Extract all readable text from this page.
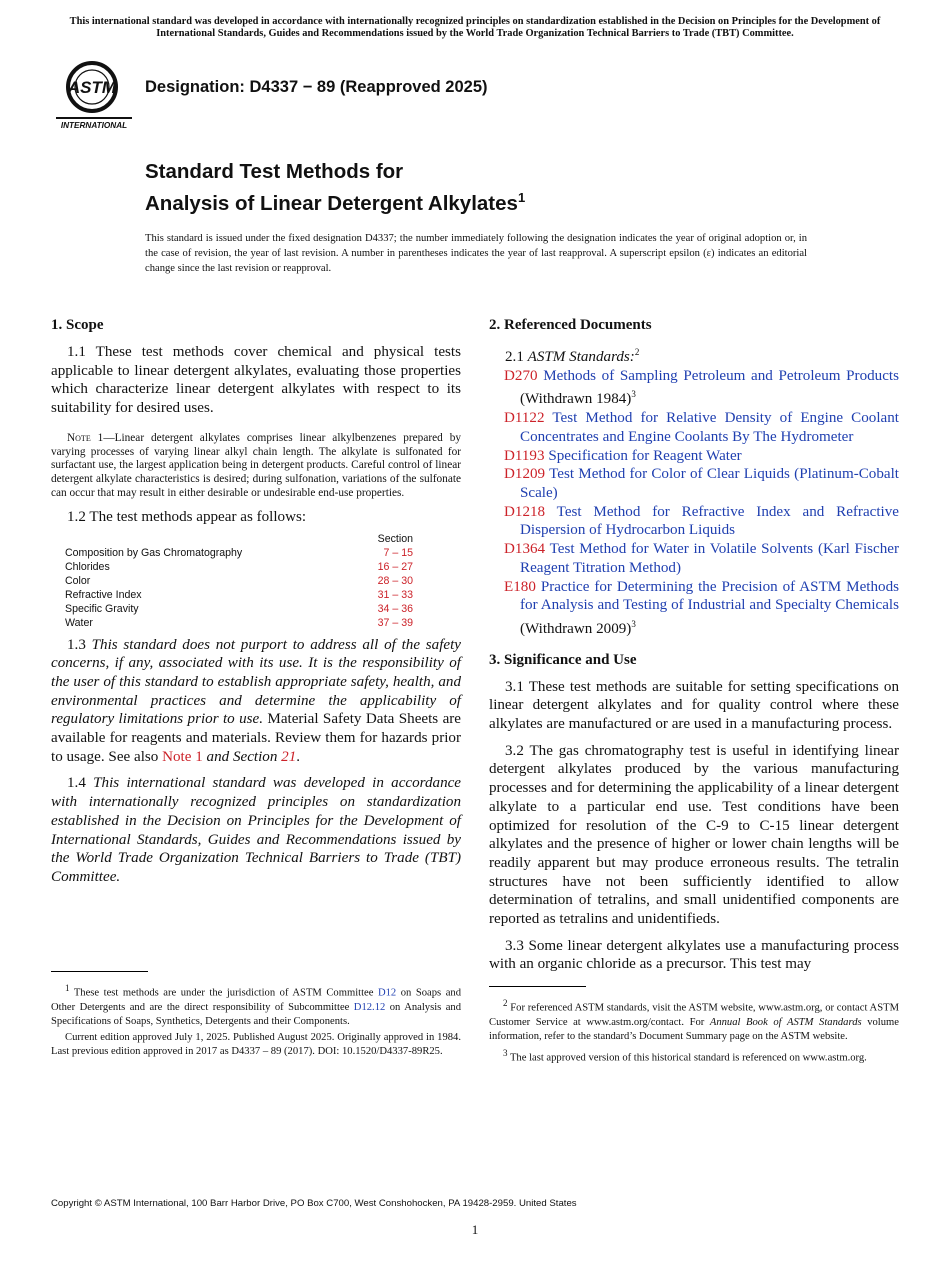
This international standard was developed in accordance with internationally recognized principles on standardization established in the Decision on Principles for the Development of International Standards, Guides and Recommendations issued by the World Trade Organization Technical Barriers to Trade (TBT) Committee.
ASTM
INTERNATIONAL
Designation: D4337 − 89 (Reapproved 2025)
Standard Test Methods for
Analysis of Linear Detergent Alkylates$^1$
This standard is issued under the fixed designation D4337; the number immediately following the designation indicates the year of original adoption or, in the case of revision, the year of last revision. A number in parentheses indicates the year of last reapproval. A superscript epsilon (ε) indicates an editorial change since the last revision or reapproval.
1. Scope

1.1 These test methods cover chemical and physical tests applicable to linear detergent alkylates, evaluating those properties which characterize linear detergent alkylates with respect to its suitability for desired uses.

Note 1—Linear detergent alkylates comprises linear alkylbenzenes prepared by varying processes of varying linear alkyl chain length. The alkylate is sulfonated for surfactant use, the largest application being in detergent products. Careful control of linear detergent alkylate characteristics is desired; during sulfonation, variations of the sulfonate can occur that may result in either desirable or undesirable end-use properties.

1.2 The test methods appear as follows:

	Section
Composition by Gas Chromatography	7 – 15
Chlorides	16 – 27
Color	28 – 30
Refractive Index	31 – 33
Specific Gravity	34 – 36
Water	37 – 39

1.3 This standard does not purport to address all of the safety concerns, if any, associated with its use. It is the responsibility of the user of this standard to establish appropriate safety, health, and environmental practices and determine the applicability of regulatory limitations prior to use. Material Safety Data Sheets are available for reagents and materials. Review them for hazards prior to usage. See also Note 1 and Section 21.

1.4 This international standard was developed in accordance with internationally recognized principles on standardization established in the Decision on Principles for the Development of International Standards, Guides and Recommendations issued by the World Trade Organization Technical Barriers to Trade (TBT) Committee.

2. Referenced Documents
2.1 ASTM Standards:$^2$
D270 Methods of Sampling Petroleum and Petroleum Products (Withdrawn 1984)$^3$
D1122 Test Method for Relative Density of Engine Coolant Concentrates and Engine Coolants By The Hydrometer
D1193 Specification for Reagent Water
D1209 Test Method for Color of Clear Liquids (Platinum-Cobalt Scale)
D1218 Test Method for Refractive Index and Refractive Dispersion of Hydrocarbon Liquids
D1364 Test Method for Water in Volatile Solvents (Karl Fischer Reagent Titration Method)
E180 Practice for Determining the Precision of ASTM Methods for Analysis and Testing of Industrial and Specialty Chemicals (Withdrawn 2009)$^3$
3. Significance and Use

3.1 These test methods are suitable for setting specifications on linear detergent alkylates and for quality control where these alkylates are manufactured or are used in a manufacturing process.

3.2 The gas chromatography test is useful in identifying linear detergent alkylates produced by the various manufacturing processes and for determining the applicability of a linear detergent alkylate to a particular end use. Test conditions have been optimized for resolution of the C-9 to C-15 linear detergent alkylates and the presence of higher or lower chain lengths will be readily apparent but may produce erroneous results. The tetralin structures have not been sufficiently identified to allow determination of tetralins, and small unidentified components are reported as tetralins and unidentifieds.

3.3 Some linear detergent alkylates use a manufacturing process with an organic chloride as a precursor. This test may

$^1$ These test methods are under the jurisdiction of ASTM Committee D12 on Soaps and Other Detergents and are the direct responsibility of Subcommittee D12.12 on Analysis and Specifications of Soaps, Synthetics, Detergents and their Components.

Current edition approved July 1, 2025. Published August 2025. Originally approved in 1984. Last previous edition approved in 2017 as D4337 – 89 (2017). DOI: 10.1520/D4337-89R25.

$^2$ For referenced ASTM standards, visit the ASTM website, www.astm.org, or contact ASTM Customer Service at www.astm.org/contact. For Annual Book of ASTM Standards volume information, refer to the standard’s Document Summary page on the ASTM website.

$^3$ The last approved version of this historical standard is referenced on www.astm.org.

Copyright © ASTM International, 100 Barr Harbor Drive, PO Box C700, West Conshohocken, PA 19428-2959. United States
1
